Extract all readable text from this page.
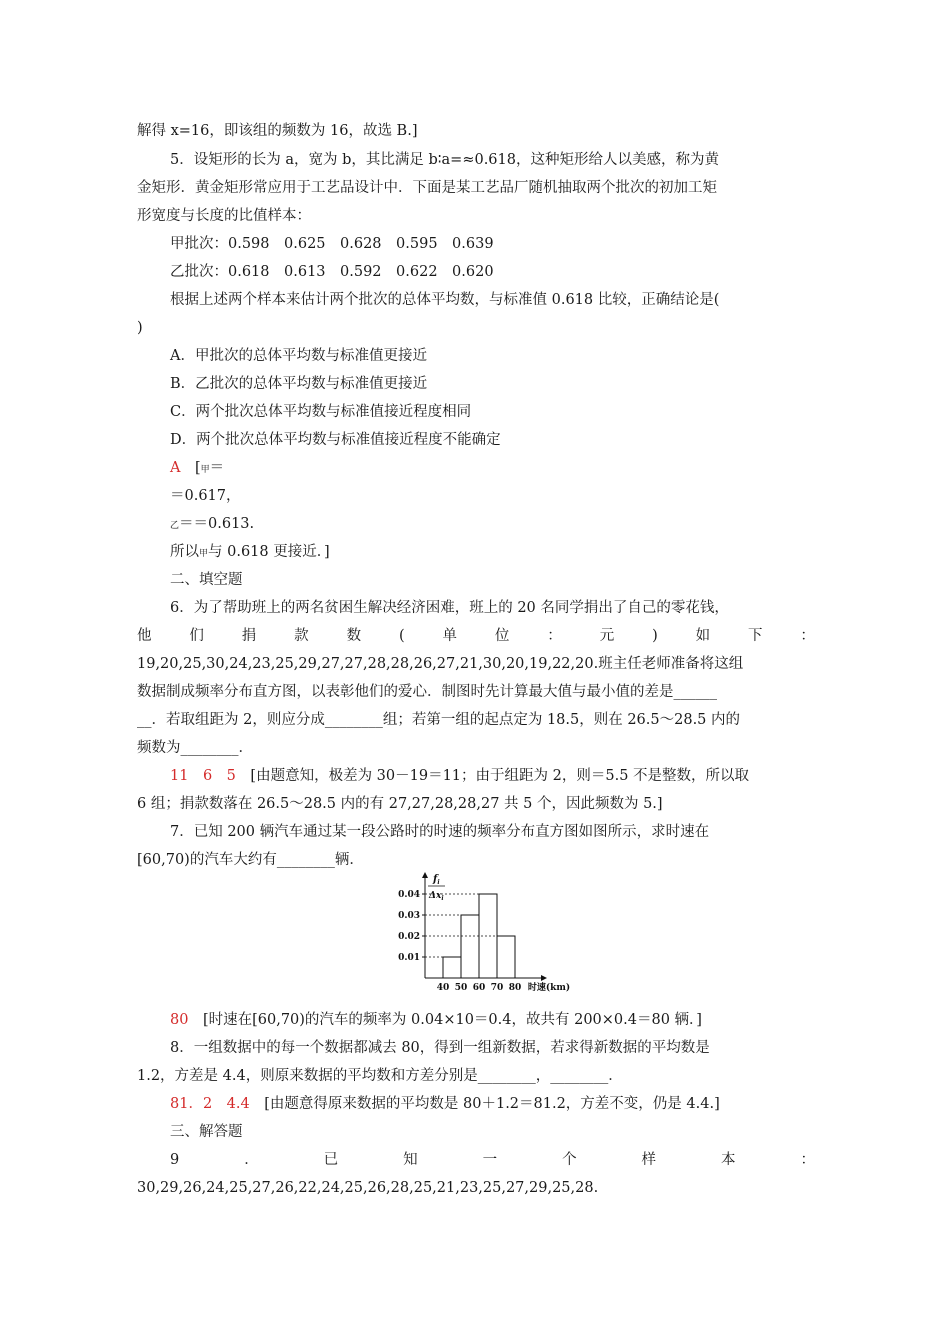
解得 x=16，即该组的频数为 16，故选 B.]
5．设矩形的长为 a，宽为 b，其比满足 b∶a=≈0.618，这种矩形给人以美感，称为黄
金矩形．黄金矩形常应用于工艺品设计中．下面是某工艺品厂随机抽取两个批次的初加工矩
形宽度与长度的比值样本：
甲批次：0.598　0.625　0.628　0.595　0.639
乙批次：0.618　0.613　0.592　0.622　0.620
根据上述两个样本来估计两个批次的总体平均数，与标准值 0.618 比较，正确结论是(
)
A．甲批次的总体平均数与标准值更接近
B．乙批次的总体平均数与标准值更接近
C．两个批次总体平均数与标准值接近程度相同
D．两个批次总体平均数与标准值接近程度不能确定
A　[甲＝
＝0.617，
乙＝＝0.613.
所以甲与 0.618 更接近．]
二、填空题
6．为了帮助班上的两名贫困生解决经济困难，班上的 20 名同学捐出了自己的零花钱，
他	们	捐	款	数	(	单	位	：	元	)	如	下	：
19,20,25,30,24,23,25,29,27,27,28,28,26,27,21,30,20,19,22,20.班主任老师准备将这组
数据制成频率分布直方图，以表彰他们的爱心．制图时先计算最大值与最小值的差是______
__．若取组距为 2，则应分成________组；若第一组的起点定为 18.5，则在 26.5～28.5 内的
频数为________．
11　6　5　[由题意知，极差为 30－19＝11；由于组距为 2，则＝5.5 不是整数，所以取
6 组；捐款数落在 26.5～28.5 内的有 27,27,28,28,27 共 5 个，因此频数为 5.]
7．已知 200 辆汽车通过某一段公路时的时速的频率分布直方图如图所示，求时速在
[60,70)的汽车大约有________辆．
$f_i$
$\Delta x_i$
0.01
0.02
0.03
0.04
40 50 60 70 80 时速(km)
80　[时速在[60,70)的汽车的频率为 0.04×10＝0.4，故共有 200×0.4＝80 辆．]
8．一组数据中的每一个数据都减去 80，得到一组新数据，若求得新数据的平均数是
1.2，方差是 4.4，则原来数据的平均数和方差分别是________，________．
81．2　4.4　[由题意得原来数据的平均数是 80＋1.2＝81.2，方差不变，仍是 4.4.]
三、解答题
9	．	已	知	一	个	样	本	：
30,29,26,24,25,27,26,22,24,25,26,28,25,21,23,25,27,29,25,28.
